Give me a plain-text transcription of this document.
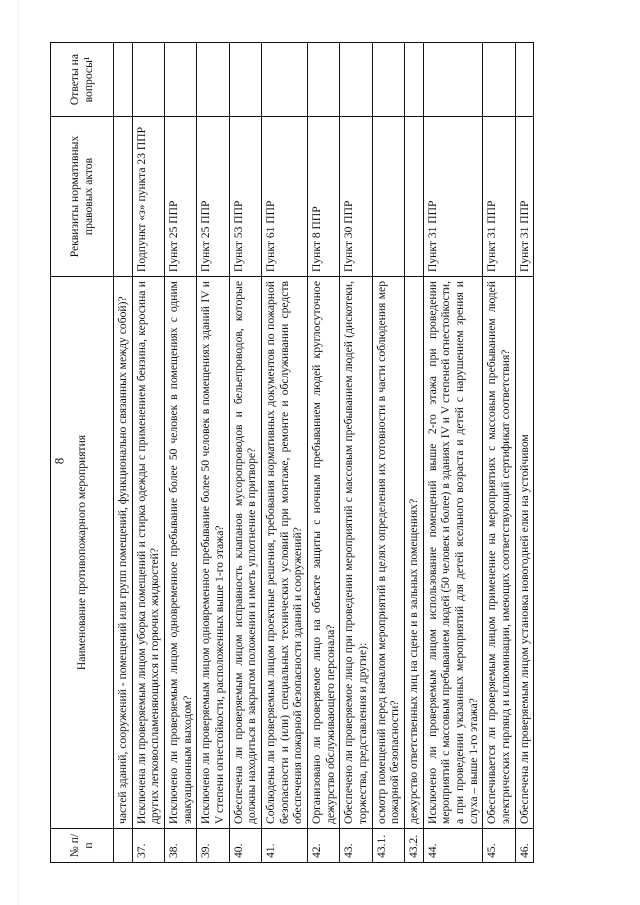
8
№ п/п	Наименование противопожарного мероприятия	Реквизиты нормативных правовых актов	Ответы на вопросы¹
	частей зданий, сооружений - помещений или групп помещений, функционально связанных между собой)?		
37.	Исключена ли проверяемым лицом уборка помещений и стирка одежды с применением бензина, керосина и других легковоспламеняющихся и горючих жидкостей?	Подпункт «з» пункта 23 ППР	
38.	Исключено ли проверяемым лицом одновременное пребывание более 50 человек в помещениях с одним эвакуационным выходом?	Пункт 25 ППР	
39.	Исключено ли проверяемым лицом одновременное пребывание более 50 человек в помещениях зданий IV и V степени огнестойкости, расположенных выше 1-го этажа?	Пункт 25 ППР	
40.	Обеспечена ли проверяемым лицом исправность клапанов мусоропроводов и бельепроводов, которые должны находиться в закрытом положении и иметь уплотнение в притворе?	Пункт 53 ППР	
41.	Соблюдены ли проверяемым лицом проектные решения, требования нормативных документов по пожарной безопасности и (или) специальных технических условий при монтаже, ремонте и обслуживании средств обеспечения пожарной безопасности зданий и сооружений?	Пункт 61 ППР	
42.	Организовано ли проверяемое лицо на объекте защиты с ночным пребыванием людей круглосуточное дежурство обслуживающего персонала?	Пункт 8 ППР	
43.	Обеспечено ли проверяемое лицо при проведении мероприятий с массовым пребыванием людей (дискотеки, торжества, представления и другие):	Пункт 30 ППР	
43.1.	осмотр помещений перед началом мероприятий в целях определения их готовности в части соблюдения мер пожарной безопасности?		
43.2.	дежурство ответственных лиц на сцене и в зальных помещениях?		
44.	Исключено ли проверяемым лицом использование помещений выше 2-го этажа при проведении мероприятий с массовым пребыванием людей (50 человек и более) в зданиях IV и V степеней огнестойкости, а при проведении указанных мероприятий для детей ясельного возраста и детей с нарушением зрения и слуха – выше 1-го этажа?	Пункт 31 ППР	
45.	Обеспечивается ли проверяемым лицом применение на мероприятиях с массовым пребыванием людей электрических гирлянд и иллюминации, имеющих соответствующий сертификат соответствия?	Пункт 31 ППР	
46.	Обеспечена ли проверяемым лицом установка новогодней елки на устойчивом	Пункт 31 ППР	
